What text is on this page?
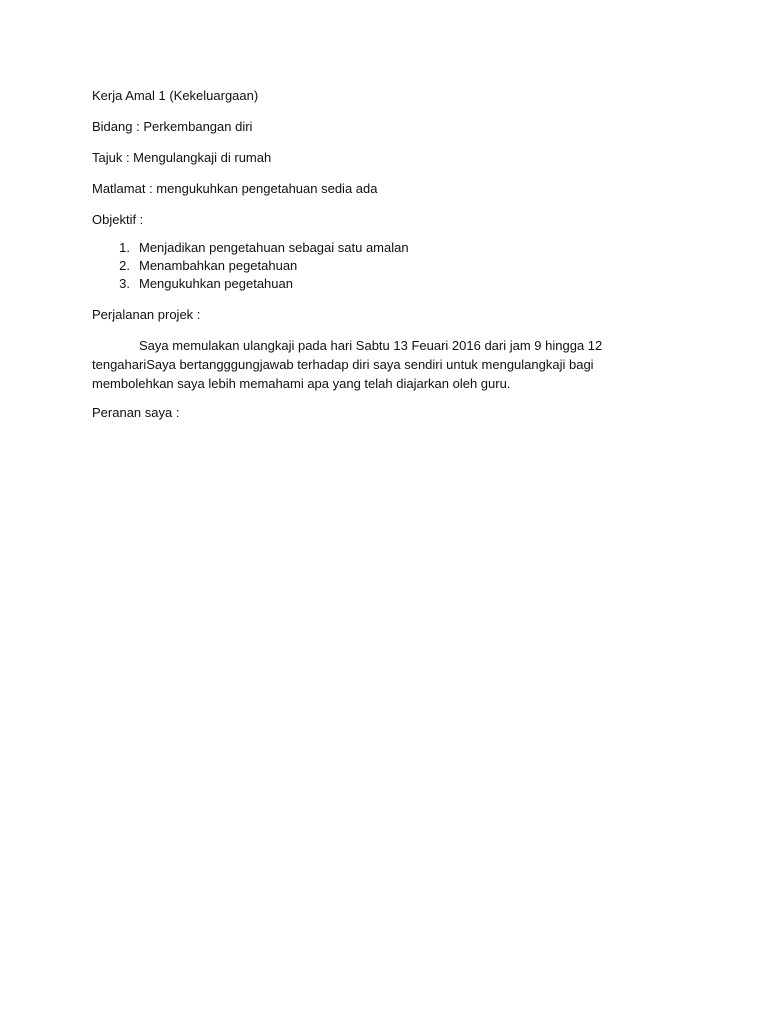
Kerja Amal 1 (Kekeluargaan)

Bidang : Perkembangan diri

Tajuk : Mengulangkaji di rumah

Matlamat : mengukuhkan pengetahuan sedia ada

Objektif :

1. Menjadikan pengetahuan sebagai satu amalan
2. Menambahkan pegetahuan
3. Mengukuhkan pegetahuan

Perjalanan projek :

Saya memulakan ulangkaji pada hari Sabtu 13 Feuari 2016 dari jam 9 hingga 12 tengahariSaya bertangggungjawab terhadap diri saya sendiri untuk mengulangkaji bagi membolehkan saya lebih memahami apa yang telah diajarkan oleh guru.

Peranan saya :
